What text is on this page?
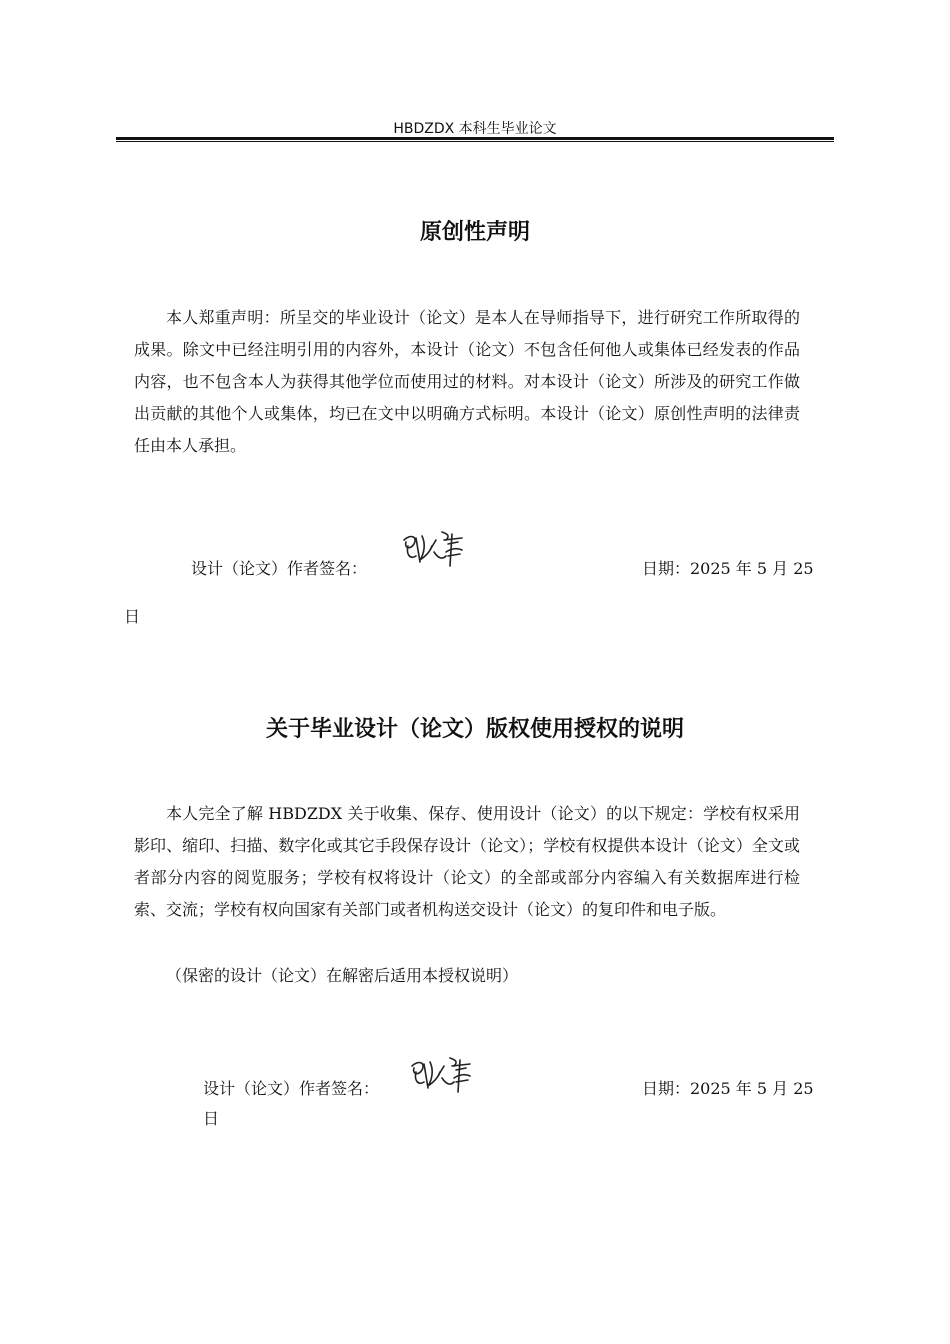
HBDZDX 本科生毕业论文
原创性声明
本人郑重声明：所呈交的毕业设计（论文）是本人在导师指导下，进行研究工作所取得的成果。除文中已经注明引用的内容外，本设计（论文）不包含任何他人或集体已经发表的作品内容，也不包含本人为获得其他学位而使用过的材料。对本设计（论文）所涉及的研究工作做出贡献的其他个人或集体，均已在文中以明确方式标明。本设计（论文）原创性声明的法律责任由本人承担。
设计（论文）作者签名：	日期：2025 年 5 月 25
日
关于毕业设计（论文）版权使用授权的说明
本人完全了解 HBDZDX 关于收集、保存、使用设计（论文）的以下规定：学校有权采用影印、缩印、扫描、数字化或其它手段保存设计（论文）；学校有权提供本设计（论文）全文或者部分内容的阅览服务；学校有权将设计（论文）的全部或部分内容编入有关数据库进行检索、交流；学校有权向国家有关部门或者机构送交设计（论文）的复印件和电子版。
（保密的设计（论文）在解密后适用本授权说明）
设计（论文）作者签名：	日期：2025 年 5 月 25
日
